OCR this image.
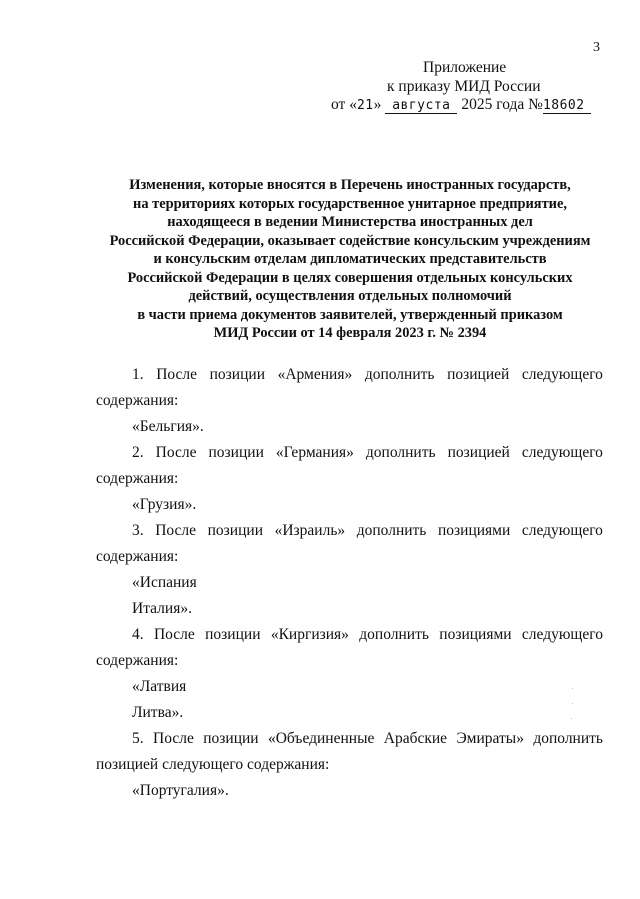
3
Приложение
к приказу МИД России
от «21» августа 2025 года №18602
Изменения, которые вносятся в Перечень иностранных государств,
на территориях которых государственное унитарное предприятие,
находящееся в ведении Министерства иностранных дел
Российской Федерации, оказывает содействие консульским учреждениям
и консульским отделам дипломатических представительств
Российской Федерации в целях совершения отдельных консульских
действий, осуществления отдельных полномочий
в части приема документов заявителей, утвержденный приказом
МИД России от 14 февраля 2023 г. № 2394
1. После позиции «Армения» дополнить позицией следующего
содержания:
«Бельгия».
2. После позиции «Германия» дополнить позицией следующего
содержания:
«Грузия».
3. После позиции «Израиль» дополнить позициями следующего
содержания:
«Испания
Италия».
4. После позиции «Киргизия» дополнить позициями следующего
содержания:
«Латвия
Литва».
5. После позиции «Объединенные Арабские Эмираты» дополнить
позицией следующего содержания:
«Португалия».
